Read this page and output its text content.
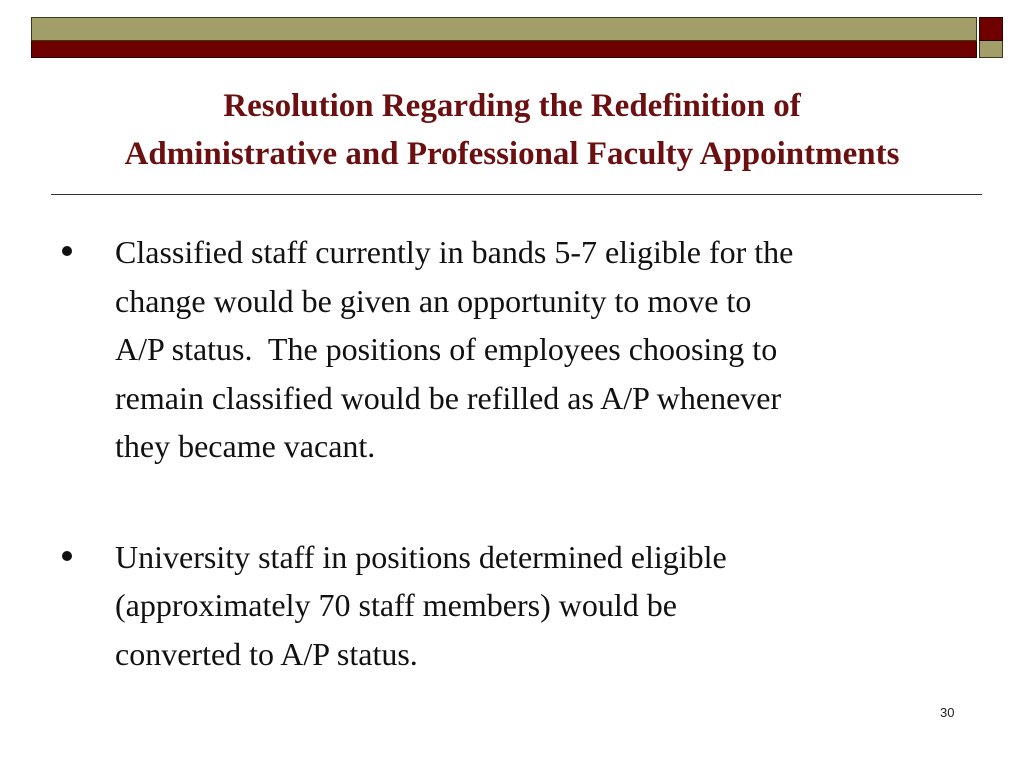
Resolution Regarding the Redefinition of
Administrative and Professional Faculty Appointments
Classified staff currently in bands 5-7 eligible for the
change would be given an opportunity to move to
A/P status.  The positions of employees choosing to
remain classified would be refilled as A/P whenever
they became vacant.
University staff in positions determined eligible
(approximately 70 staff members) would be
converted to A/P status.
30
